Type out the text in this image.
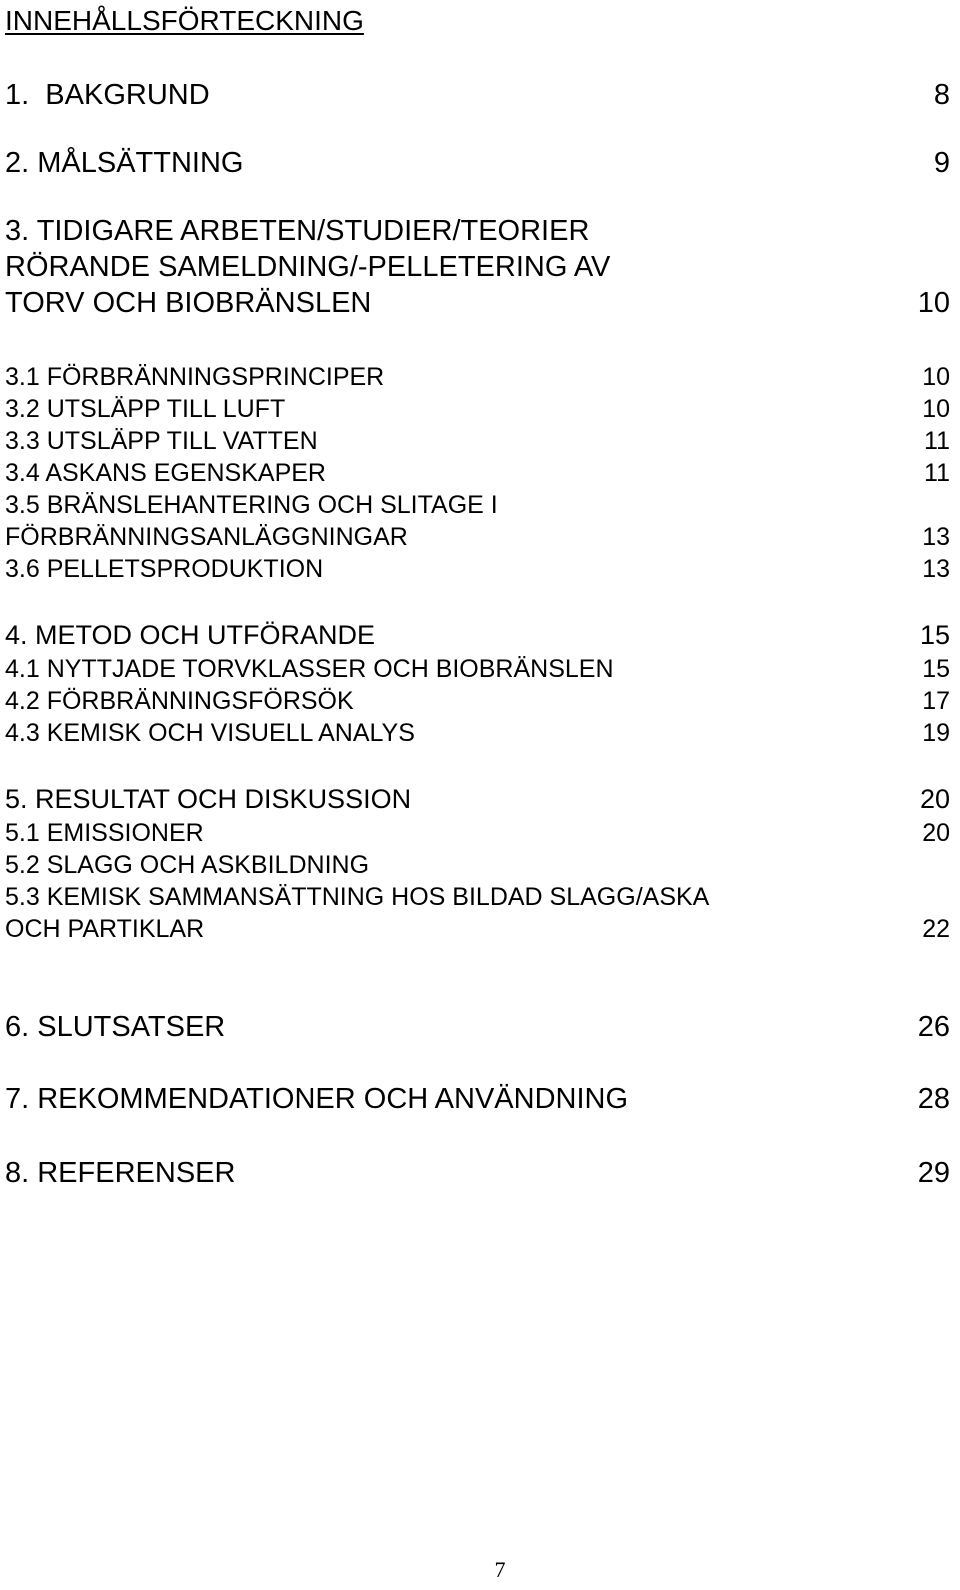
INNEHÅLLSFÖRTECKNING
1.  BAKGRUND	8
2. MÅLSÄTTNING	9
3. TIDIGARE ARBETEN/STUDIER/TEORIER
RÖRANDE SAMELDNING/-PELLETERING AV
TORV OCH BIOBRÄNSLEN	10
3.1 FÖRBRÄNNINGSPRINCIPER	10
3.2 UTSLÄPP TILL LUFT	10
3.3 UTSLÄPP TILL VATTEN	11
3.4 ASKANS EGENSKAPER	11
3.5 BRÄNSLEHANTERING OCH SLITAGE I
FÖRBRÄNNINGSANLÄGGNINGAR	13
3.6 PELLETSPRODUKTION	13
4. METOD OCH UTFÖRANDE	15
4.1 NYTTJADE TORVKLASSER OCH BIOBRÄNSLEN	15
4.2 FÖRBRÄNNINGSFÖRSÖK	17
4.3 KEMISK OCH VISUELL ANALYS	19
5. RESULTAT OCH DISKUSSION	20
5.1 EMISSIONER	20
5.2 SLAGG OCH ASKBILDNING
5.3 KEMISK SAMMANSÄTTNING HOS BILDAD SLAGG/ASKA
OCH PARTIKLAR	22
6. SLUTSATSER	26
7. REKOMMENDATIONER OCH ANVÄNDNING	28
8. REFERENSER	29
7
